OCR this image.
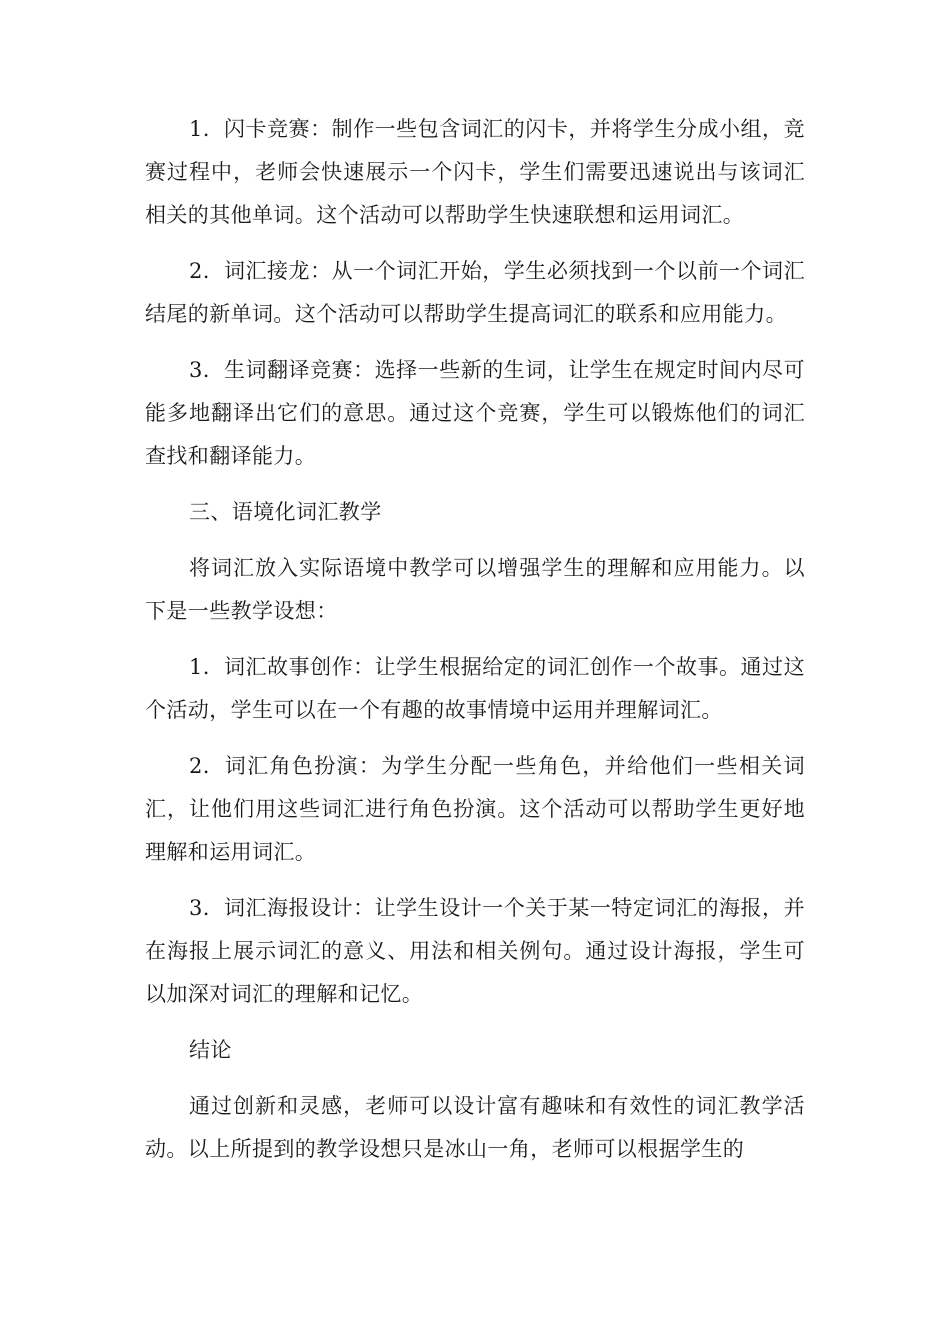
1. 闪卡竞赛：制作一些包含词汇的闪卡，并将学生分成小组，竞赛过程中，老师会快速展示一个闪卡，学生们需要迅速说出与该词汇相关的其他单词。这个活动可以帮助学生快速联想和运用词汇。

2. 词汇接龙：从一个词汇开始，学生必须找到一个以前一个词汇结尾的新单词。这个活动可以帮助学生提高词汇的联系和应用能力。

3. 生词翻译竞赛：选择一些新的生词，让学生在规定时间内尽可能多地翻译出它们的意思。通过这个竞赛，学生可以锻炼他们的词汇查找和翻译能力。

三、语境化词汇教学

将词汇放入实际语境中教学可以增强学生的理解和应用能力。以下是一些教学设想：

1. 词汇故事创作：让学生根据给定的词汇创作一个故事。通过这个活动，学生可以在一个有趣的故事情境中运用并理解词汇。

2. 词汇角色扮演：为学生分配一些角色，并给他们一些相关词汇，让他们用这些词汇进行角色扮演。这个活动可以帮助学生更好地理解和运用词汇。

3. 词汇海报设计：让学生设计一个关于某一特定词汇的海报，并在海报上展示词汇的意义、用法和相关例句。通过设计海报，学生可以加深对词汇的理解和记忆。

结论

通过创新和灵感，老师可以设计富有趣味和有效性的词汇教学活动。以上所提到的教学设想只是冰山一角，老师可以根据学生的
